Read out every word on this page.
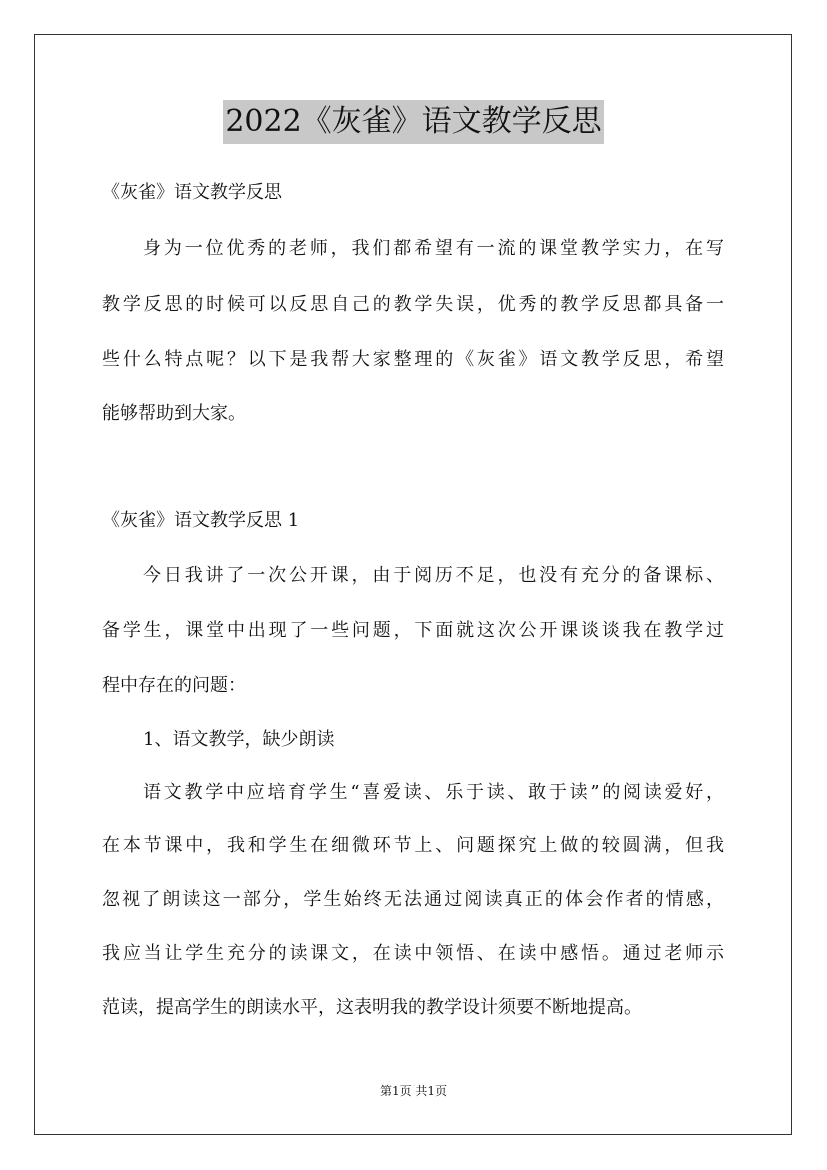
2022《灰雀》语文教学反思
《灰雀》语文教学反思
身为一位优秀的老师，我们都希望有一流的课堂教学实力，在写
教学反思的时候可以反思自己的教学失误，优秀的教学反思都具备一
些什么特点呢？以下是我帮大家整理的《灰雀》语文教学反思，希望
能够帮助到大家。
《灰雀》语文教学反思 1
今日我讲了一次公开课，由于阅历不足，也没有充分的备课标、
备学生，课堂中出现了一些问题，下面就这次公开课谈谈我在教学过
程中存在的问题：
1、语文教学，缺少朗读
语文教学中应培育学生“喜爱读、乐于读、敢于读”的阅读爱好，
在本节课中，我和学生在细微环节上、问题探究上做的较圆满，但我
忽视了朗读这一部分，学生始终无法通过阅读真正的体会作者的情感，
我应当让学生充分的读课文，在读中领悟、在读中感悟。通过老师示
范读，提高学生的朗读水平，这表明我的教学设计须要不断地提高。
第1页 共1页
